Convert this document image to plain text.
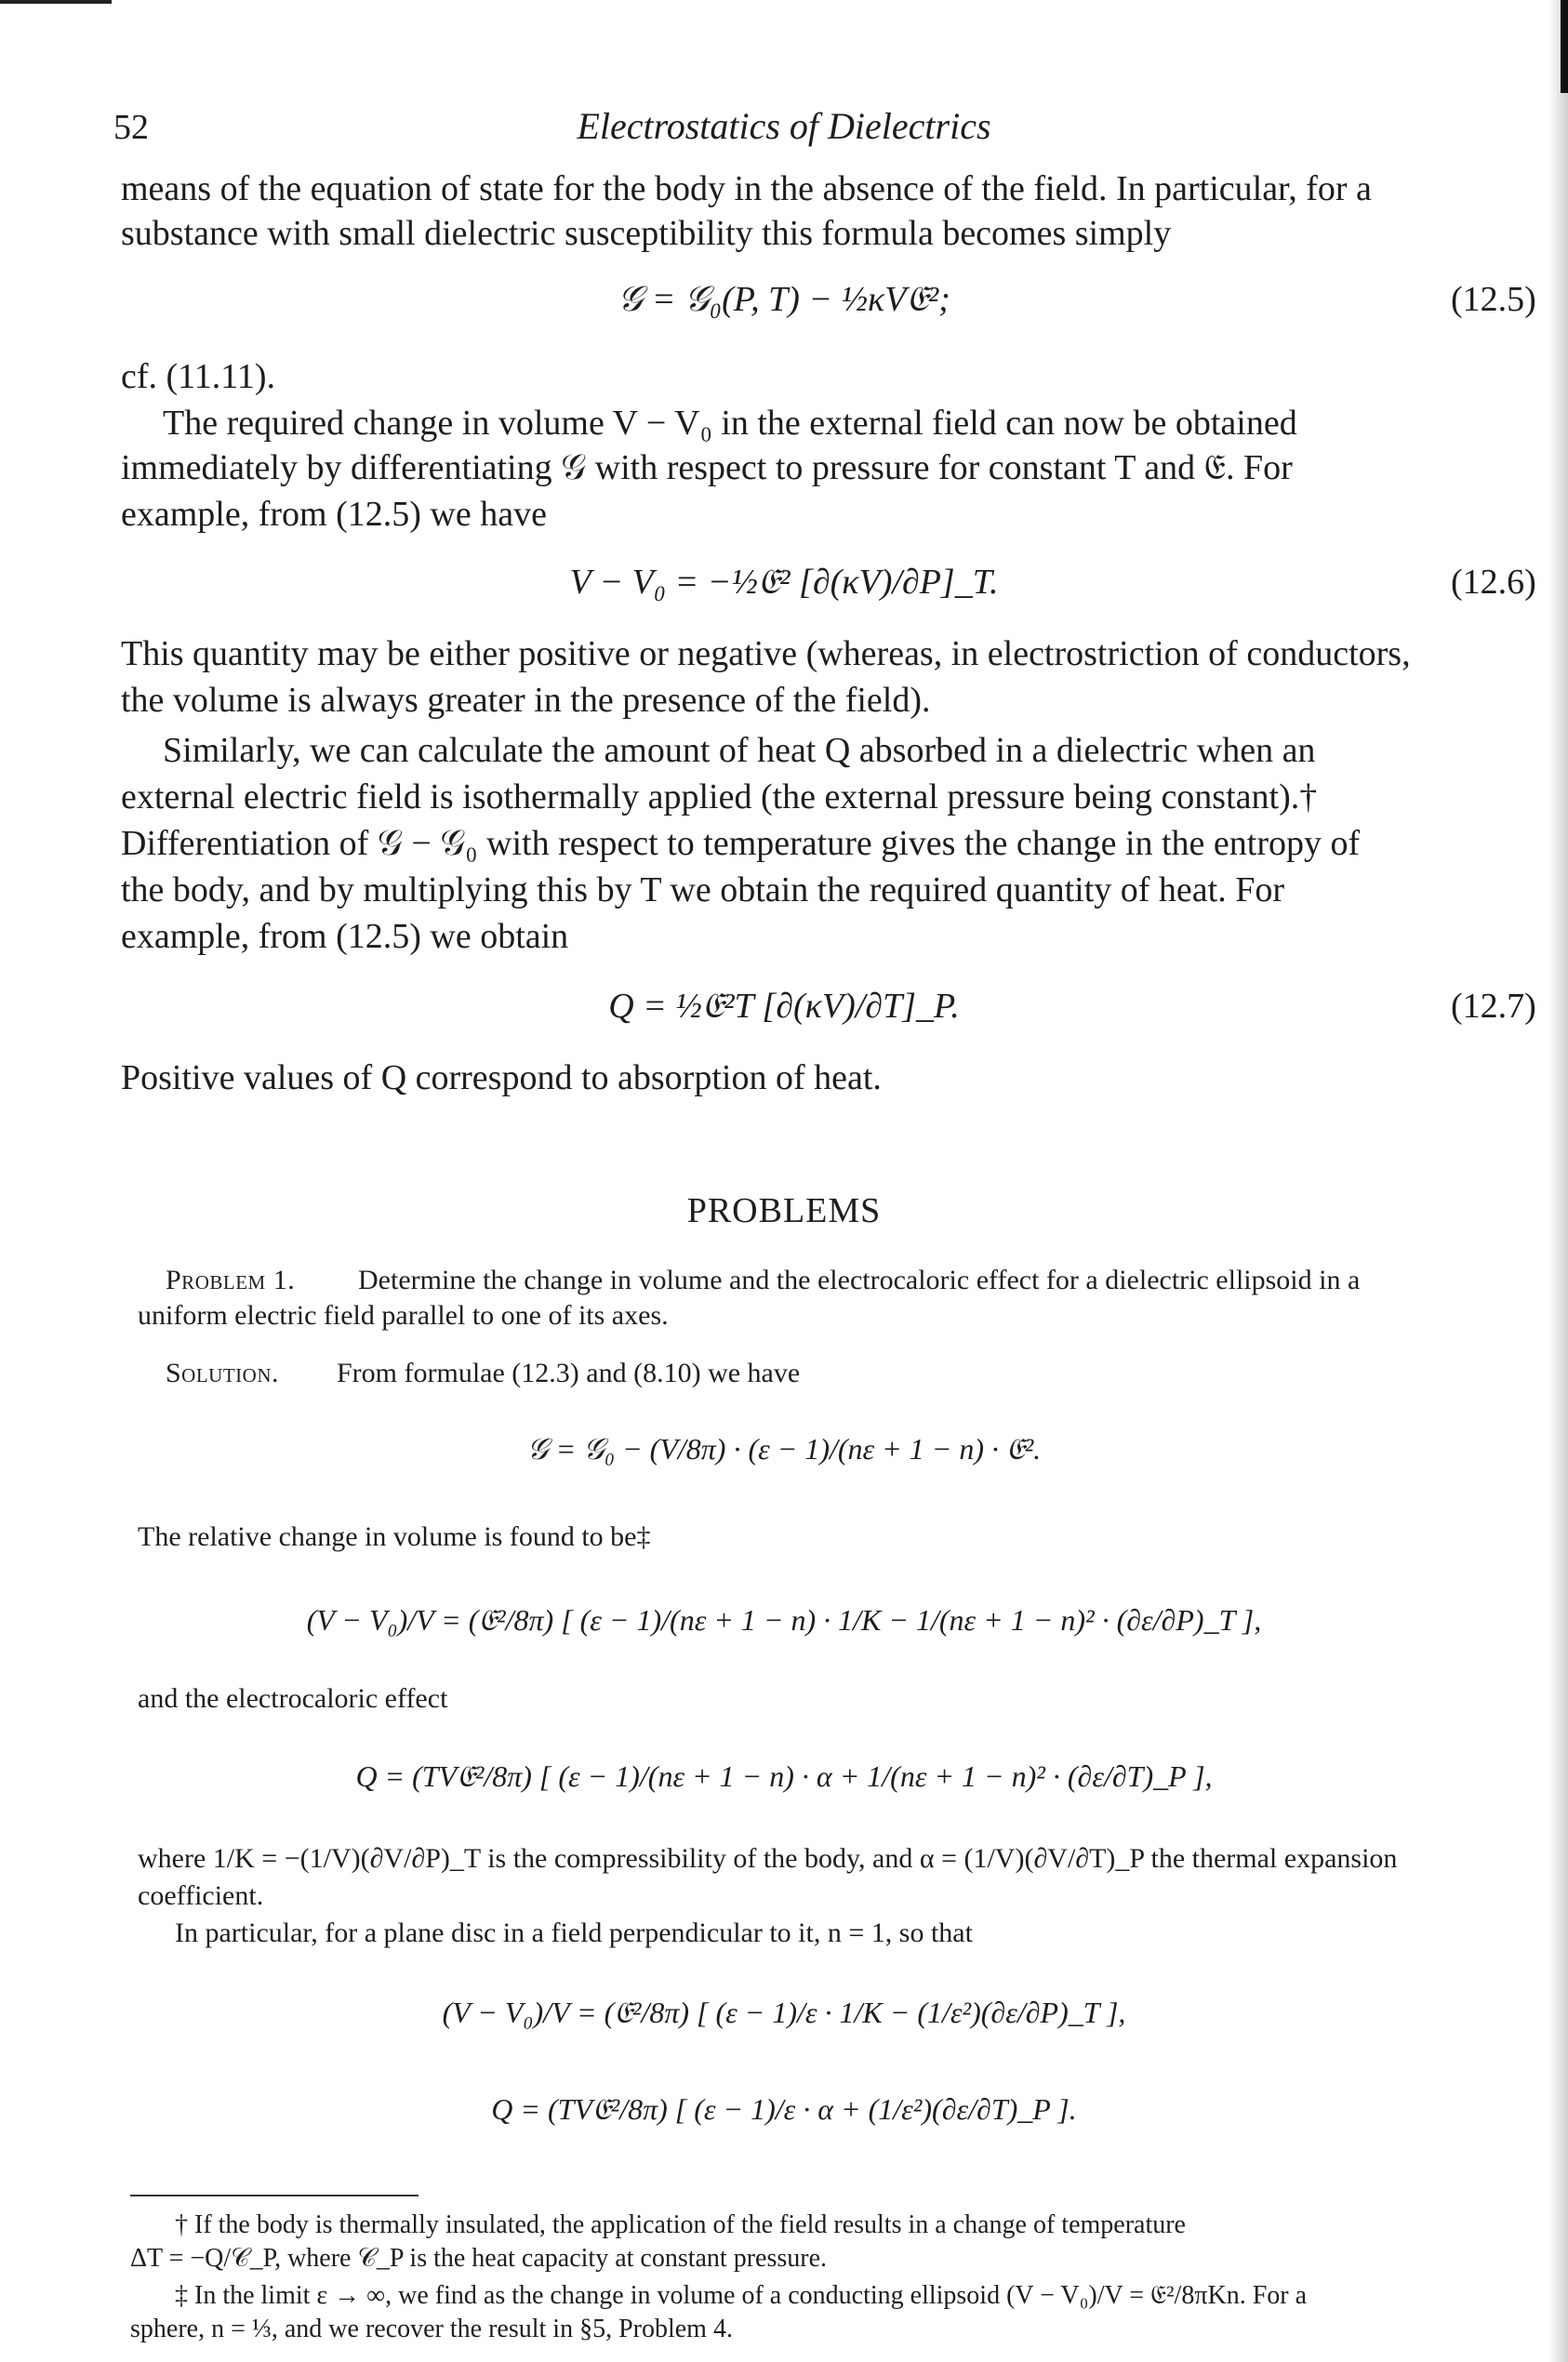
52	Electrostatics of Dielectrics
means of the equation of state for the body in the absence of the field. In particular, for a
substance with small dielectric susceptibility this formula becomes simply
𝒢 = 𝒢₀(P, T) − ½κV𝔈²;	(12.5)
cf. (11.11).
The required change in volume V − V₀ in the external field can now be obtained
immediately by differentiating 𝒢 with respect to pressure for constant T and 𝔈. For
example, from (12.5) we have
V − V₀ = −½𝔈² [∂(κV)/∂P]_T.	(12.6)
This quantity may be either positive or negative (whereas, in electrostriction of conductors,
the volume is always greater in the presence of the field).
Similarly, we can calculate the amount of heat Q absorbed in a dielectric when an
external electric field is isothermally applied (the external pressure being constant).†
Differentiation of 𝒢 − 𝒢₀ with respect to temperature gives the change in the entropy of
the body, and by multiplying this by T we obtain the required quantity of heat. For
example, from (12.5) we obtain
Q = ½𝔈²T [∂(κV)/∂T]_P.	(12.7)
Positive values of Q correspond to absorption of heat.
PROBLEMS
Problem 1. Determine the change in volume and the electrocaloric effect for a dielectric ellipsoid in a
uniform electric field parallel to one of its axes.
Solution. From formulae (12.3) and (8.10) we have
𝒢 = 𝒢₀ − (V/8π) · (ε − 1)/(nε + 1 − n) · 𝔈².
The relative change in volume is found to be‡
(V − V₀)/V = (𝔈²/8π) [ (ε − 1)/(nε + 1 − n) · 1/K − 1/(nε + 1 − n)² · (∂ε/∂P)_T ],
and the electrocaloric effect
Q = (TV𝔈²/8π) [ (ε − 1)/(nε + 1 − n) · α + 1/(nε + 1 − n)² · (∂ε/∂T)_P ],
where 1/K = −(1/V)(∂V/∂P)_T is the compressibility of the body, and α = (1/V)(∂V/∂T)_P the thermal expansion
coefficient.
In particular, for a plane disc in a field perpendicular to it, n = 1, so that
(V − V₀)/V = (𝔈²/8π) [ (ε − 1)/ε · 1/K − (1/ε²)(∂ε/∂P)_T ],
Q = (TV𝔈²/8π) [ (ε − 1)/ε · α + (1/ε²)(∂ε/∂T)_P ].
† If the body is thermally insulated, the application of the field results in a change of temperature
ΔT = −Q/𝒞_P, where 𝒞_P is the heat capacity at constant pressure.
‡ In the limit ε → ∞, we find as the change in volume of a conducting ellipsoid (V − V₀)/V = 𝔈²/8πKn. For a
sphere, n = ⅓, and we recover the result in §5, Problem 4.
